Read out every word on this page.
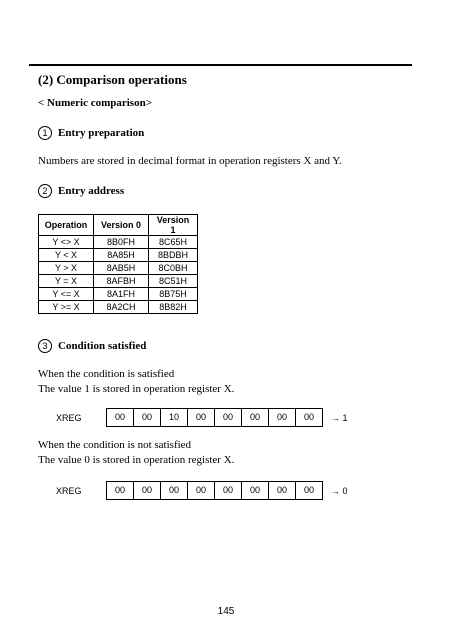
(2) Comparison operations
< Numeric comparison>
1 Entry preparation
Numbers are stored in decimal format in operation registers X and Y.
2 Entry address
Operation	Version 0	Version 1
Y <> X	8B0FH	8C65H
Y < X	8A85H	8BDBH
Y > X	8AB5H	8C0BH
Y = X	8AFBH	8C51H
Y <= X	8A1FH	8B75H
Y >= X	8A2CH	8B82H
3 Condition satisfied
When the condition is satisfied
The value 1 is stored in operation register X.
XREG	00	00	10	00	00	00	00	00	→ 1
When the condition is not satisfied
The value 0 is stored in operation register X.
XREG	00	00	00	00	00	00	00	00	→ 0
145
